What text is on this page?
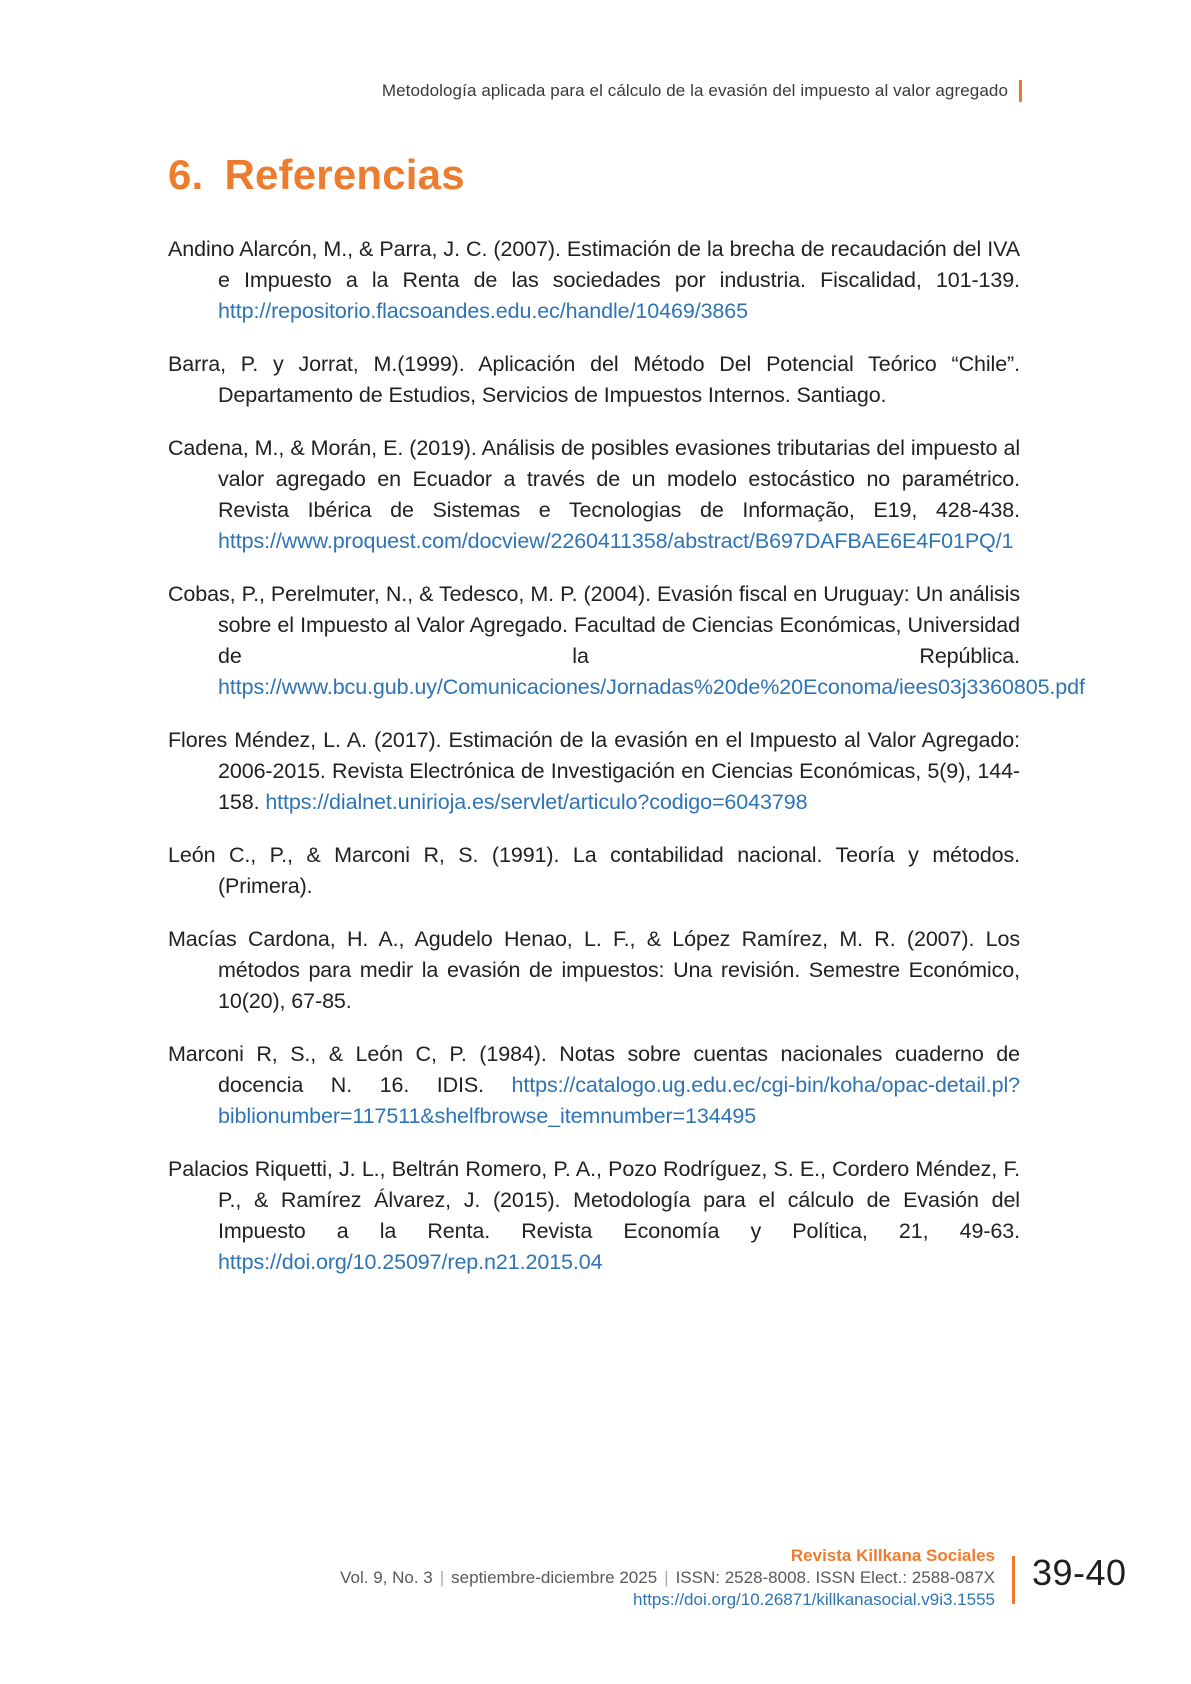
Metodología aplicada para el cálculo de la evasión del impuesto al valor agregado
6. Referencias

Andino Alarcón, M., & Parra, J. C. (2007). Estimación de la brecha de recaudación del IVA e Impuesto a la Renta de las sociedades por industria. Fiscalidad, 101-139. http://repositorio.flacsoandes.edu.ec/handle/10469/3865

Barra, P. y Jorrat, M.(1999). Aplicación del Método Del Potencial Teórico “Chile”. Departamento de Estudios, Servicios de Impuestos Internos. Santiago.

Cadena, M., & Morán, E. (2019). Análisis de posibles evasiones tributarias del impuesto al valor agregado en Ecuador a través de un modelo estocástico no paramétrico. Revista Ibérica de Sistemas e Tecnologias de Informação, E19, 428-438. https://www.proquest.com/docview/2260411358/abstract/B697DAFBAE6E4F01PQ/1

Cobas, P., Perelmuter, N., & Tedesco, M. P. (2004). Evasión fiscal en Uruguay: Un análisis sobre el Impuesto al Valor Agregado. Facultad de Ciencias Económicas, Universidad de la República. https://www.bcu.gub.uy/Comunicaciones/Jornadas%20de%20Economa/iees03j3360805.pdf

Flores Méndez, L. A. (2017). Estimación de la evasión en el Impuesto al Valor Agregado: 2006-2015. Revista Electrónica de Investigación en Ciencias Económicas, 5(9), 144-158. https://dialnet.unirioja.es/servlet/articulo?codigo=6043798

León C., P., & Marconi R, S. (1991). La contabilidad nacional. Teoría y métodos. (Primera).

Macías Cardona, H. A., Agudelo Henao, L. F., & López Ramírez, M. R. (2007). Los métodos para medir la evasión de impuestos: Una revisión. Semestre Económico, 10(20), 67-85.

Marconi R, S., & León C, P. (1984). Notas sobre cuentas nacionales cuaderno de docencia N. 16. IDIS. https://catalogo.ug.edu.ec/cgi-bin/koha/opac-detail.pl?biblionumber=117511&shelfbrowse_itemnumber=134495

Palacios Riquetti, J. L., Beltrán Romero, P. A., Pozo Rodríguez, S. E., Cordero Méndez, F. P., & Ramírez Álvarez, J. (2015). Metodología para el cálculo de Evasión del Impuesto a la Renta. Revista Economía y Política, 21, 49-63. https://doi.org/10.25097/rep.n21.2015.04

Revista Killkana Sociales
Vol. 9, No. 3 | septiembre-diciembre 2025 | ISSN: 2528-8008. ISSN Elect.: 2588-087X
https://doi.org/10.26871/killkanasocial.v9i3.1555
39-40
